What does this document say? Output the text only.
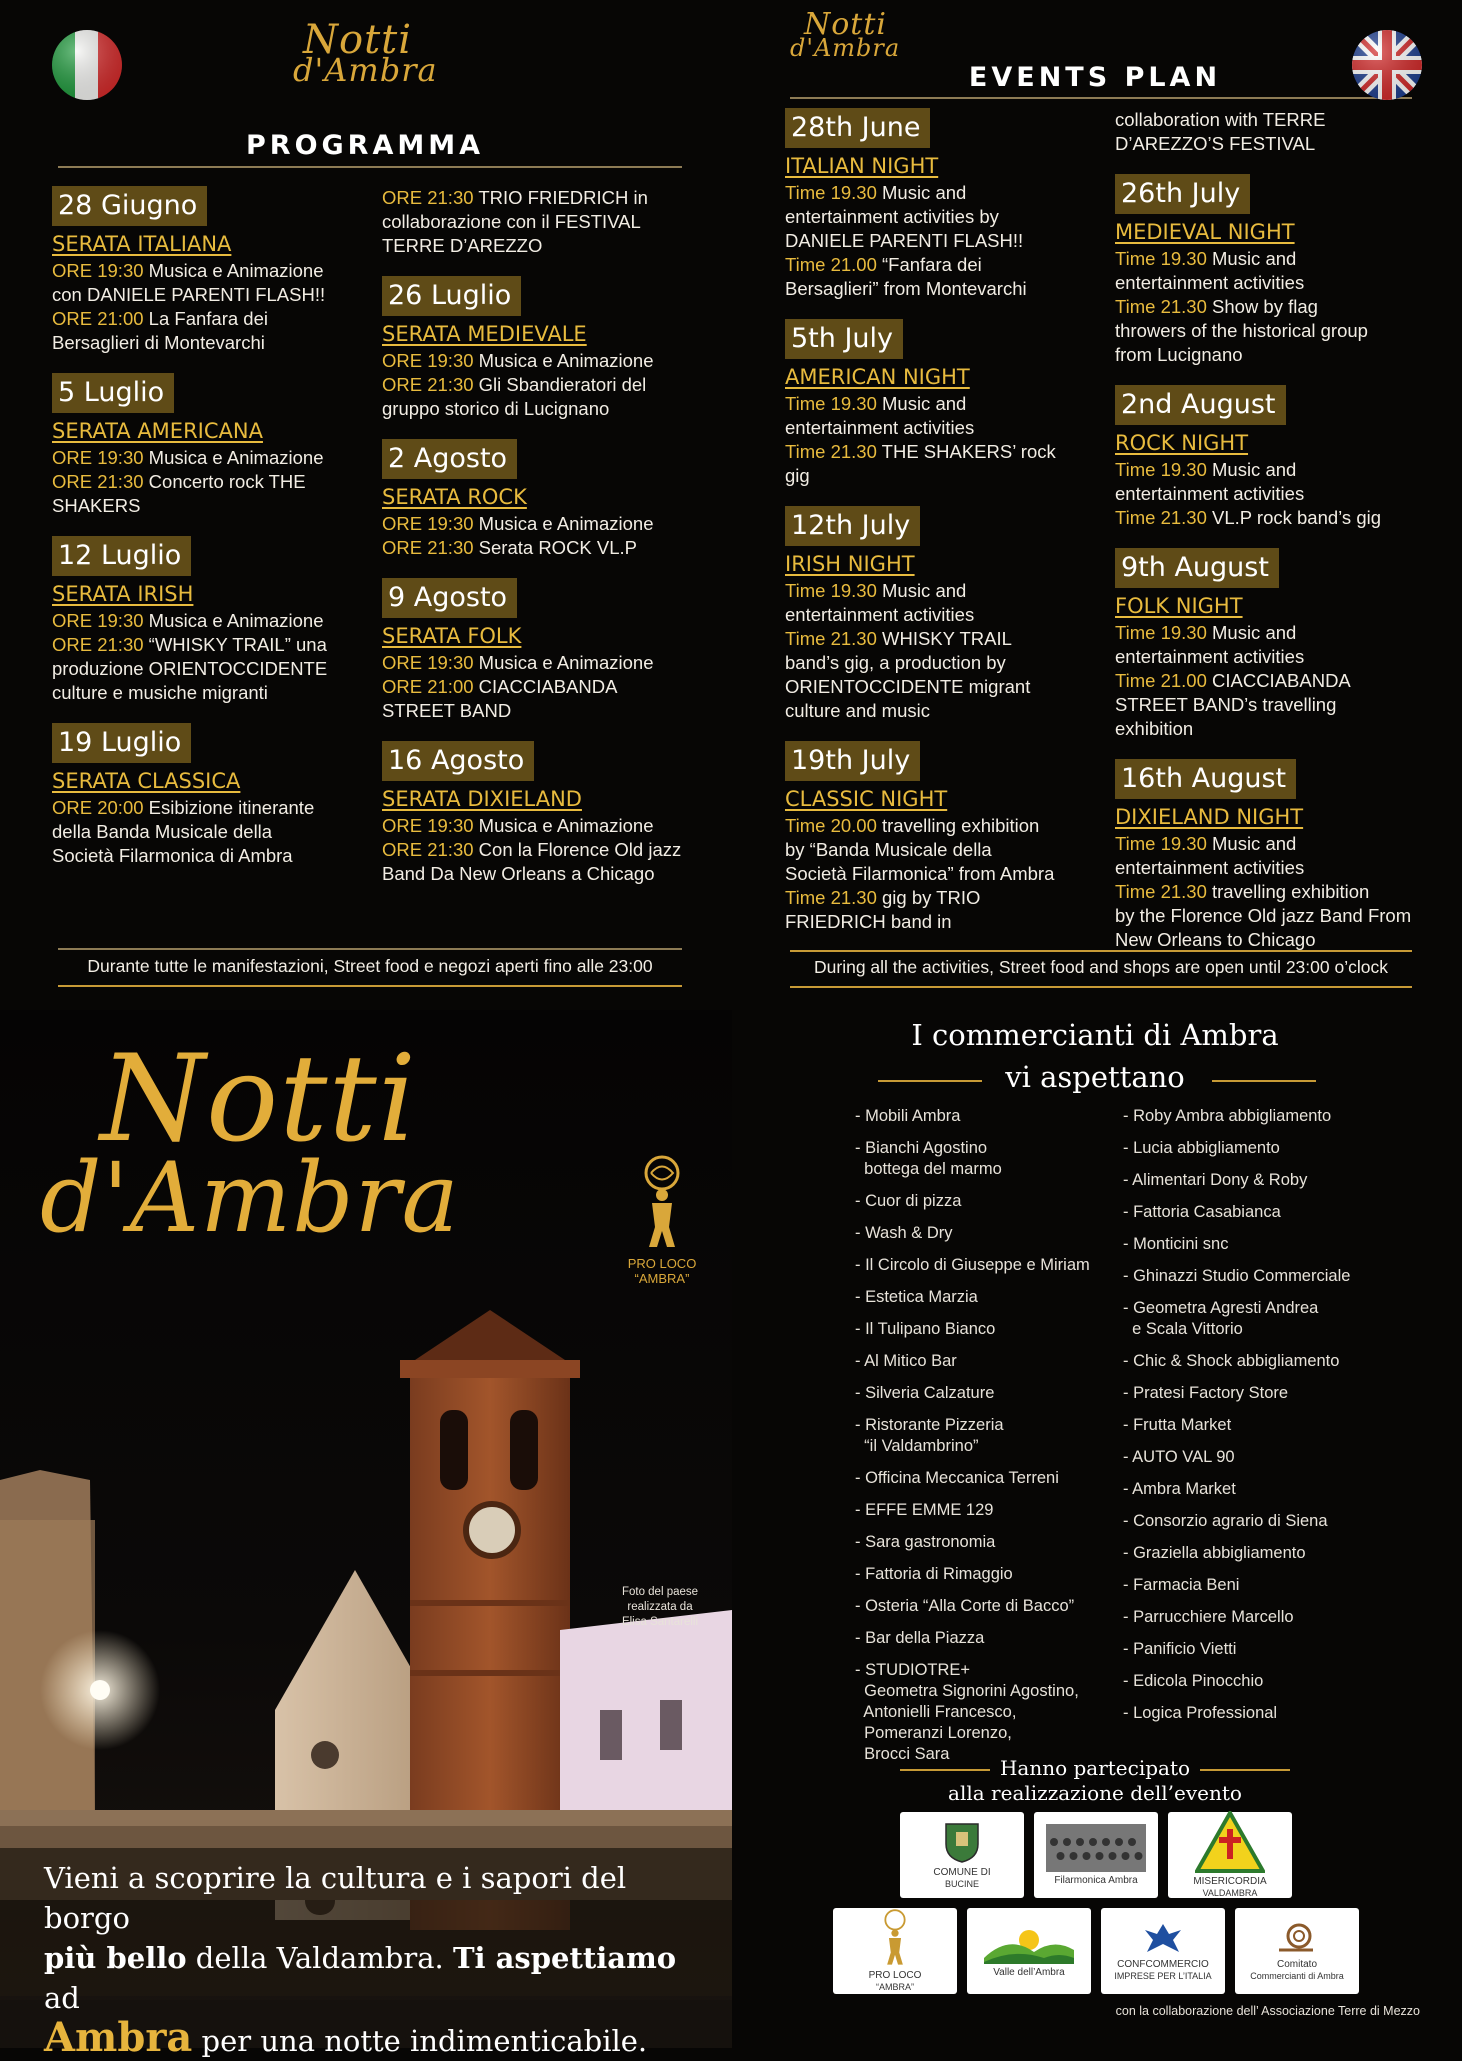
Notti
d'Ambra
PROGRAMMA
28 Giugno
SERATA ITALIANA
ORE 19:30 Musica e Animazione
con DANIELE PARENTI FLASH!!
ORE 21:00 La Fanfara dei
Bersaglieri di Montevarchi
5 Luglio
SERATA AMERICANA
ORE 19:30 Musica e Animazione
ORE 21:30 Concerto rock THE
SHAKERS
12 Luglio
SERATA IRISH
ORE 19:30 Musica e Animazione
ORE 21:30 “WHISKY TRAIL” una
produzione ORIENTOCCIDENTE
culture e musiche migranti
19 Luglio
SERATA CLASSICA
ORE 20:00 Esibizione itinerante
della Banda Musicale della
Società Filarmonica di Ambra
ORE 21:30 TRIO FRIEDRICH in
collaborazione con il FESTIVAL
TERRE D’AREZZO
26 Luglio
SERATA MEDIEVALE
ORE 19:30 Musica e Animazione
ORE 21:30 Gli Sbandieratori del
gruppo storico di Lucignano
2 Agosto
SERATA ROCK
ORE 19:30 Musica e Animazione
ORE 21:30 Serata ROCK VL.P
9 Agosto
SERATA FOLK
ORE 19:30 Musica e Animazione
ORE 21:00 CIACCIABANDA
STREET BAND
16 Agosto
SERATA DIXIELAND
ORE 19:30 Musica e Animazione
ORE 21:30 Con la Florence Old jazz
Band Da New Orleans a Chicago
Durante tutte le manifestazioni, Street food e negozi aperti fino alle 23:00
Notti
d'Ambra
EVENTS PLAN
28th June
ITALIAN NIGHT
Time 19.30 Music and
entertainment activities by
DANIELE PARENTI FLASH!!
Time 21.00 “Fanfara dei
Bersaglieri” from Montevarchi
5th July
AMERICAN NIGHT
Time 19.30 Music and
entertainment activities
Time 21.30 THE SHAKERS’ rock
gig
12th July
IRISH NIGHT
Time 19.30 Music and
entertainment activities
Time 21.30 WHISKY TRAIL
band’s gig, a production by
ORIENTOCCIDENTE migrant
culture and music
19th July
CLASSIC NIGHT
Time 20.00 travelling exhibition
by “Banda Musicale della
Società Filarmonica” from Ambra
Time 21.30 gig by TRIO
FRIEDRICH band in
collaboration with TERRE
D’AREZZO’S FESTIVAL
26th July
MEDIEVAL NIGHT
Time 19.30 Music and
entertainment activities
Time 21.30 Show by flag
throwers of the historical group
from Lucignano
2nd August
ROCK NIGHT
Time 19.30 Music and
entertainment activities
Time 21.30 VL.P rock band’s gig
9th August
FOLK NIGHT
Time 19.30 Music and
entertainment activities
Time 21.00 CIACCIABANDA
STREET BAND’s travelling
exhibition
16th August
DIXIELAND NIGHT
Time 19.30 Music and
entertainment activities
Time 21.30 travelling exhibition
by the Florence Old jazz Band From
New Orleans to Chicago
During all the activities, Street food and shops are open until 23:00 o’clock
Notti
d'Ambra
PRO LOCO
“AMBRA”
Foto del paese
realizzata da
Elisa Santarelli
Vieni a scoprire la cultura e i sapori del borgo
più bello della Valdambra. Ti aspettiamo ad
Ambra per una notte indimenticabile.
I commercianti di Ambra
vi aspettano
- Mobili Ambra
- Bianchi Agostino
bottega del marmo
- Cuor di pizza
- Wash & Dry
- Il Circolo di Giuseppe e Miriam
- Estetica Marzia
- Il Tulipano Bianco
- Al Mitico Bar
- Silveria Calzature
- Ristorante Pizzeria
“il Valdambrino”
- Officina Meccanica Terreni
- EFFE EMME 129
- Sara gastronomia
- Fattoria di Rimaggio
- Osteria “Alla Corte di Bacco”
- Bar della Piazza
- STUDIOTRE+
Geometra Signorini Agostino,
Antonielli Francesco,
Pomeranzi Lorenzo,
Brocci Sara
- Roby Ambra abbigliamento
- Lucia abbigliamento
- Alimentari Dony & Roby
- Fattoria Casabianca
- Monticini snc
- Ghinazzi Studio Commerciale
- Geometra Agresti Andrea
e Scala Vittorio
- Chic & Shock abbigliamento
- Pratesi Factory Store
- Frutta Market
- AUTO VAL 90
- Ambra Market
- Consorzio agrario di Siena
- Graziella abbigliamento
- Farmacia Beni
- Parrucchiere Marcello
- Panificio Vietti
- Edicola Pinocchio
- Logica Professional
Hanno partecipato
alla realizzazione dell’evento
COMUNE DI
BUCINE	Filarmonica Ambra	MISERICORDIA
VALDAMBRA
PRO LOCO
“AMBRA”
Valle dell’Ambra
CONFCOMMERCIO
IMPRESE PER L’ITALIA
Comitato
Commercianti di Ambra
con la collaborazione dell’ Associazione Terre di Mezzo
